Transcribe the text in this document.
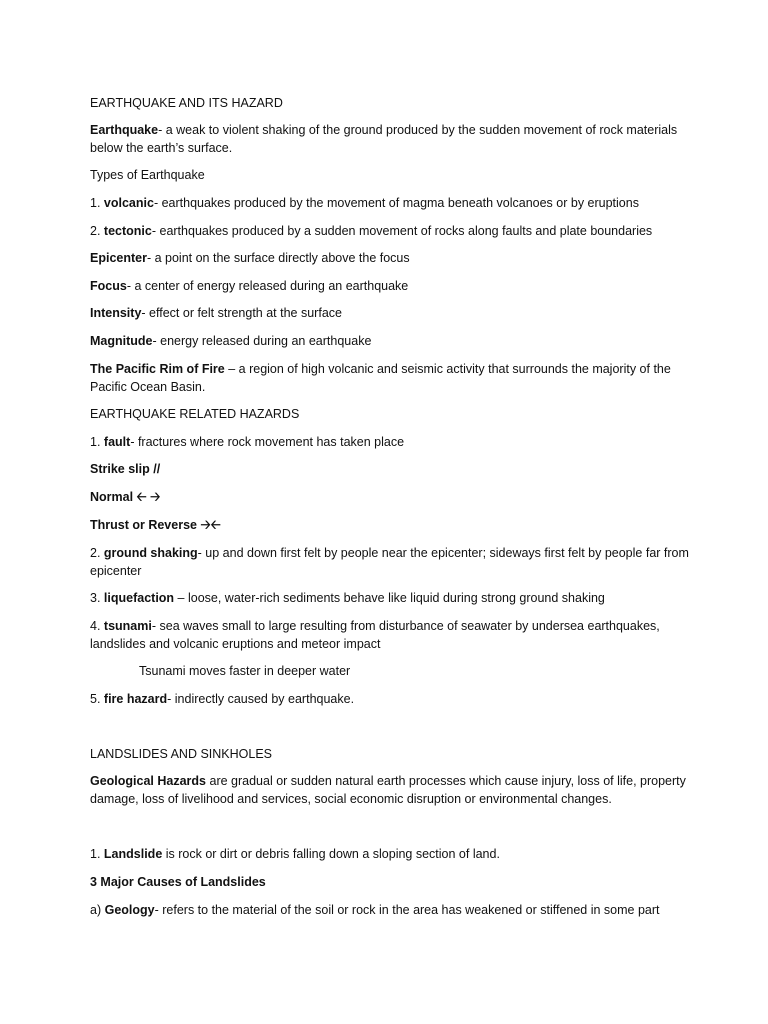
EARTHQUAKE AND ITS HAZARD

Earthquake- a weak to violent shaking of the ground produced by the sudden movement of rock materials below the earth’s surface.

Types of Earthquake

1. volcanic- earthquakes produced by the movement of magma beneath volcanoes or by eruptions

2. tectonic- earthquakes produced by a sudden movement of rocks along faults and plate boundaries

Epicenter- a point on the surface directly above the focus

Focus- a center of energy released during an earthquake

Intensity- effect or felt strength at the surface

Magnitude- energy released during an earthquake

The Pacific Rim of Fire – a region of high volcanic and seismic activity that surrounds the majority of the Pacific Ocean Basin.

EARTHQUAKE RELATED HAZARDS

1. fault- fractures where rock movement has taken place

Strike slip //

Normal 🡠 🡢

Thrust or Reverse 🡢🡠

2. ground shaking- up and down first felt by people near the epicenter; sideways first felt by people far from epicenter

3. liquefaction – loose, water-rich sediments behave like liquid during strong ground shaking

4. tsunami- sea waves small to large resulting from disturbance of seawater by undersea earthquakes, landslides and volcanic eruptions and meteor impact

Tsunami moves faster in deeper water

5. fire hazard- indirectly caused by earthquake.

LANDSLIDES AND SINKHOLES

Geological Hazards are gradual or sudden natural earth processes which cause injury, loss of life, property damage, loss of livelihood and services, social economic disruption or environmental changes.

1. Landslide is rock or dirt or debris falling down a sloping section of land.

3 Major Causes of Landslides

a) Geology- refers to the material of the soil or rock in the area has weakened or stiffened in some part
